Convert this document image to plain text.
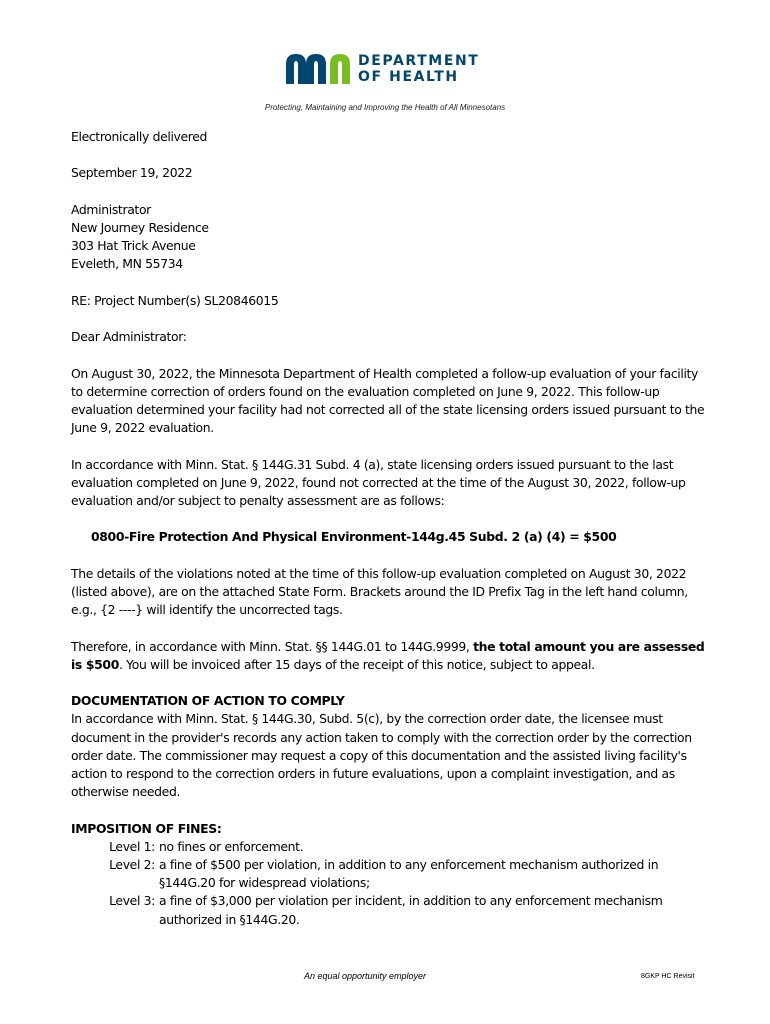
DEPARTMENT
OF HEALTH
Protecting, Maintaining and Improving the Health of All Minnesotans

Electronically delivered

September 19, 2022

Administrator
New Journey Residence
303 Hat Trick Avenue
Eveleth, MN 55734

RE: Project Number(s) SL20846015

Dear Administrator:

On August 30, 2022, the Minnesota Department of Health completed a follow-up evaluation of your facility to determine correction of orders found on the evaluation completed on June 9, 2022. This follow-up evaluation determined your facility had not corrected all of the state licensing orders issued pursuant to the June 9, 2022 evaluation.

In accordance with Minn. Stat. § 144G.31 Subd. 4 (a), state licensing orders issued pursuant to the last evaluation completed on June 9, 2022, found not corrected at the time of the August 30, 2022, follow-up evaluation and/or subject to penalty assessment are as follows:

0800-Fire Protection And Physical Environment-144g.45 Subd. 2 (a) (4) = $500

The details of the violations noted at the time of this follow-up evaluation completed on August 30, 2022 (listed above), are on the attached State Form. Brackets around the ID Prefix Tag in the left hand column, e.g., {2 ----} will identify the uncorrected tags.

Therefore, in accordance with Minn. Stat. §§ 144G.01 to 144G.9999, the total amount you are assessed is $500. You will be invoiced after 15 days of the receipt of this notice, subject to appeal.

DOCUMENTATION OF ACTION TO COMPLY
In accordance with Minn. Stat. § 144G.30, Subd. 5(c), by the correction order date, the licensee must document in the provider's records any action taken to comply with the correction order by the correction order date. The commissioner may request a copy of this documentation and the assisted living facility's action to respond to the correction orders in future evaluations, upon a complaint investigation, and as otherwise needed.

IMPOSITION OF FINES:
Level 1: no fines or enforcement.
Level 2: a fine of $500 per violation, in addition to any enforcement mechanism authorized in §144G.20 for widespread violations;
Level 3: a fine of $3,000 per violation per incident, in addition to any enforcement mechanism authorized in §144G.20.
An equal opportunity employer	8GKP HC Revisit
